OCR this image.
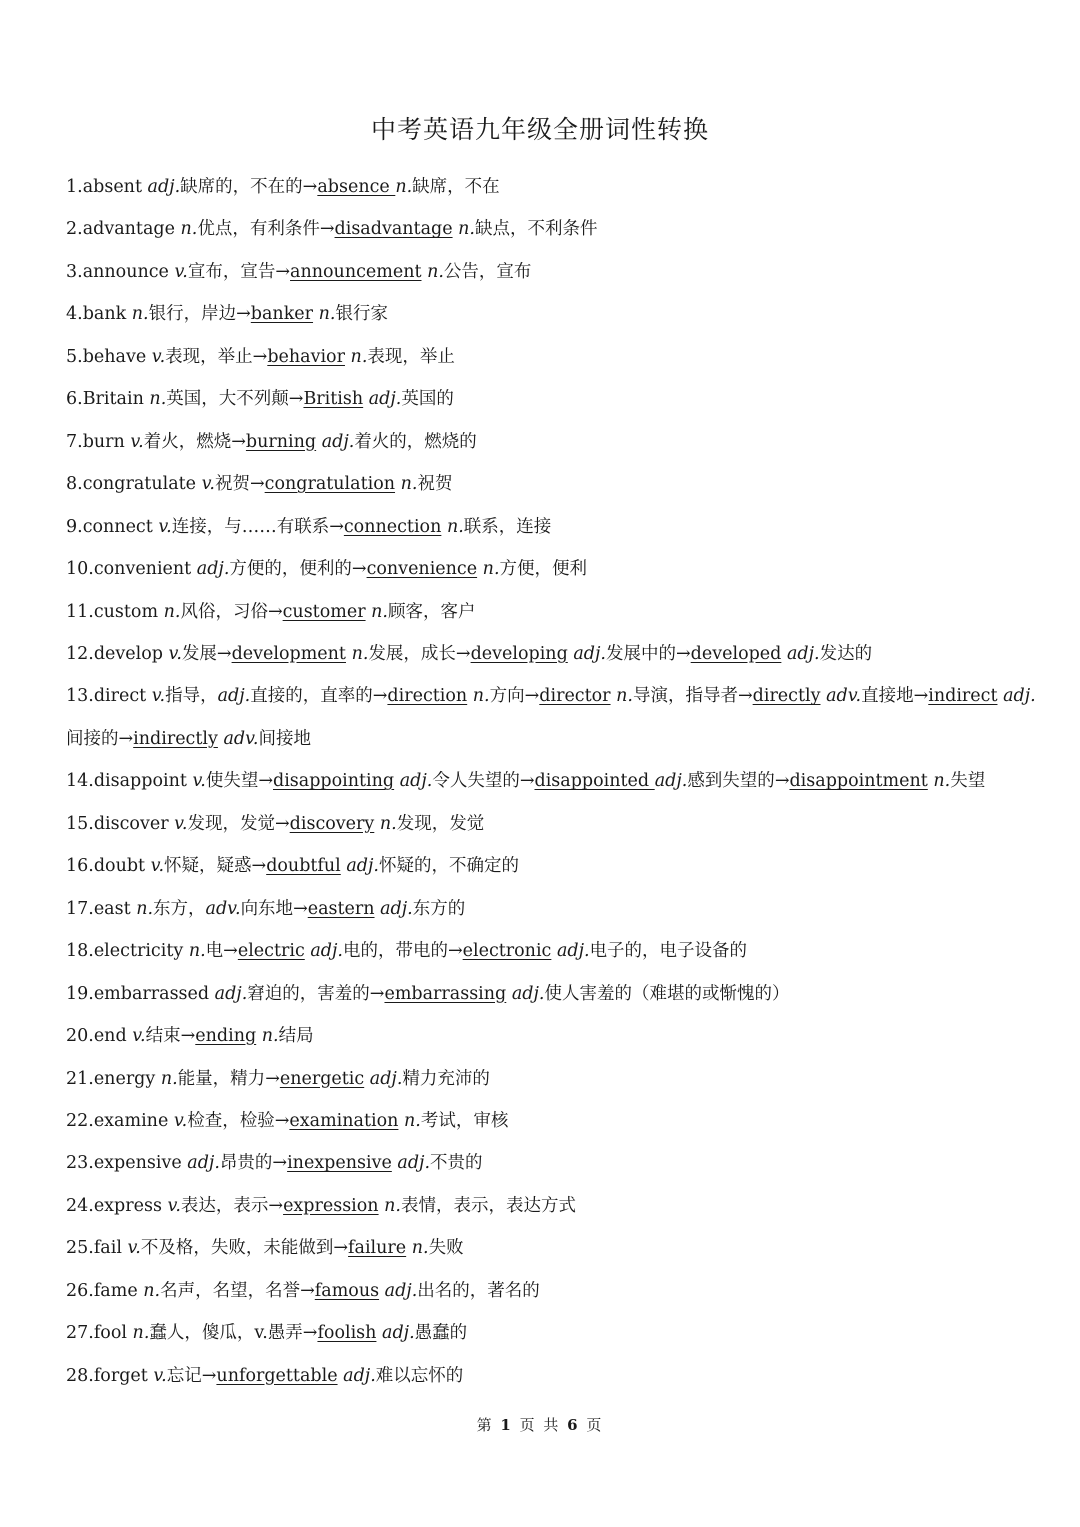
中考英语九年级全册词性转换
1.absent adj.缺席的，不在的→absence n.缺席，不在
2.advantage n.优点，有利条件→disadvantage n.缺点，不利条件
3.announce v.宣布，宣告→announcement n.公告，宣布
4.bank n.银行，岸边→banker n.银行家
5.behave v.表现，举止→behavior n.表现，举止
6.Britain n.英国，大不列颠→British adj.英国的
7.burn v.着火，燃烧→burning adj.着火的，燃烧的
8.congratulate v.祝贺→congratulation n.祝贺
9.connect v.连接，与……有联系→connection n.联系，连接
10.convenient adj.方便的，便利的→convenience n.方便，便利
11.custom n.风俗，习俗→customer n.顾客，客户
12.develop v.发展→development n.发展，成长→developing adj.发展中的→developed adj.发达的
13.direct v.指导，adj.直接的，直率的→direction n.方向→director n.导演，指导者→directly adv.直接地→indirect adj.
间接的→indirectly adv.间接地
14.disappoint v.使失望→disappointing adj.令人失望的→disappointed adj.感到失望的→disappointment n.失望
15.discover v.发现，发觉→discovery n.发现，发觉
16.doubt v.怀疑，疑惑→doubtful adj.怀疑的，不确定的
17.east n.东方，adv.向东地→eastern adj.东方的
18.electricity n.电→electric adj.电的，带电的→electronic adj.电子的，电子设备的
19.embarrassed adj.窘迫的，害羞的→embarrassing adj.使人害羞的（难堪的或惭愧的）
20.end v.结束→ending n.结局
21.energy n.能量，精力→energetic adj.精力充沛的
22.examine v.检查，检验→examination n.考试，审核
23.expensive adj.昂贵的→inexpensive adj.不贵的
24.express v.表达，表示→expression n.表情，表示，表达方式
25.fail v.不及格，失败，未能做到→failure n.失败
26.fame n.名声，名望，名誉→famous adj.出名的，著名的
27.fool n.蠢人，傻瓜，v.愚弄→foolish adj.愚蠢的
28.forget v.忘记→unforgettable adj.难以忘怀的
第 1 页 共 6 页
